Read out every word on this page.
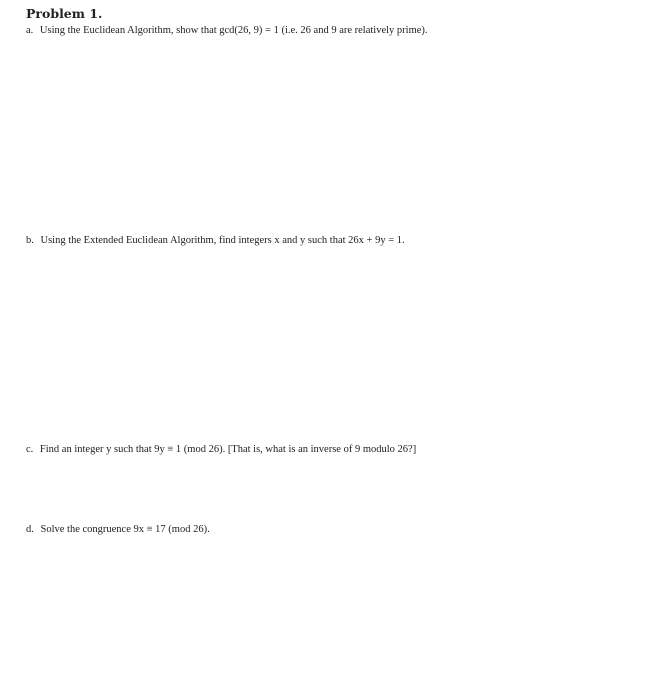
Problem 1.
a. Using the Euclidean Algorithm, show that gcd(26, 9) = 1 (i.e. 26 and 9 are relatively prime).
b. Using the Extended Euclidean Algorithm, find integers x and y such that 26x + 9y = 1.
c. Find an integer y such that 9y ≡ 1 (mod 26). [That is, what is an inverse of 9 modulo 26?]
d. Solve the congruence 9x ≡ 17 (mod 26).
